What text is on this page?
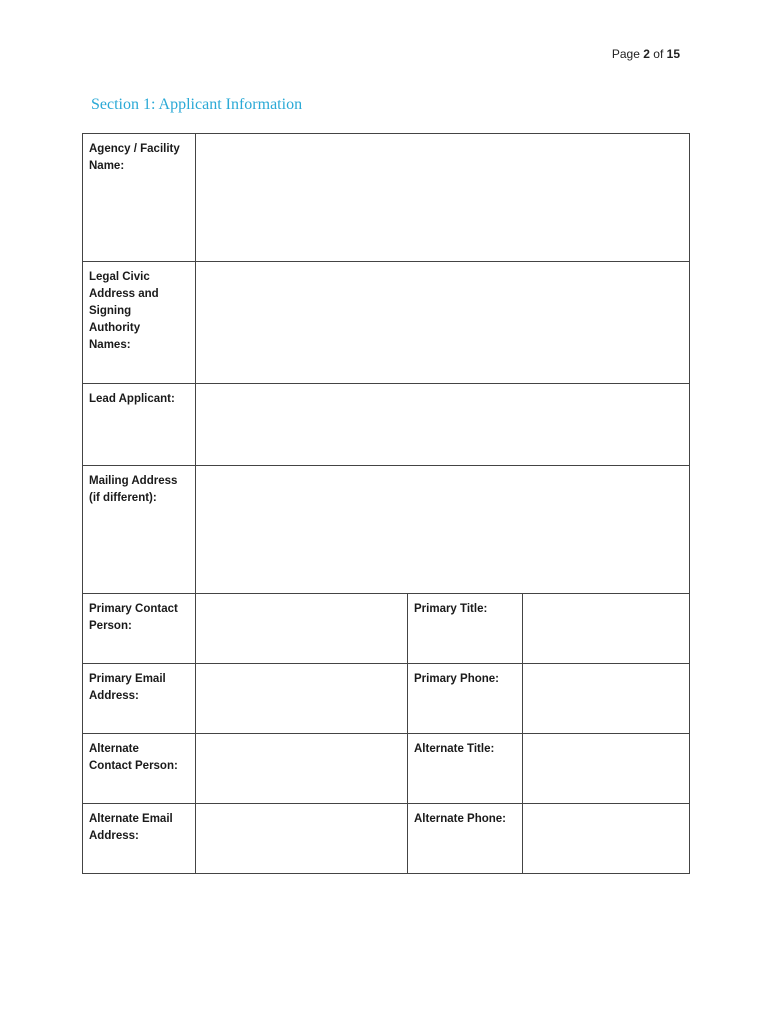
Page 2 of 15
Section 1: Applicant Information
Agency / Facility
Name:			

Legal Civic
Address and
Signing
Authority
Names:			

Lead Applicant:			

Mailing Address
(if different):			

Primary Contact
Person:		Primary Title:	

Primary Email
Address:		Primary Phone:	

Alternate
Contact Person:		Alternate Title:	

Alternate Email
Address:		Alternate Phone:	
